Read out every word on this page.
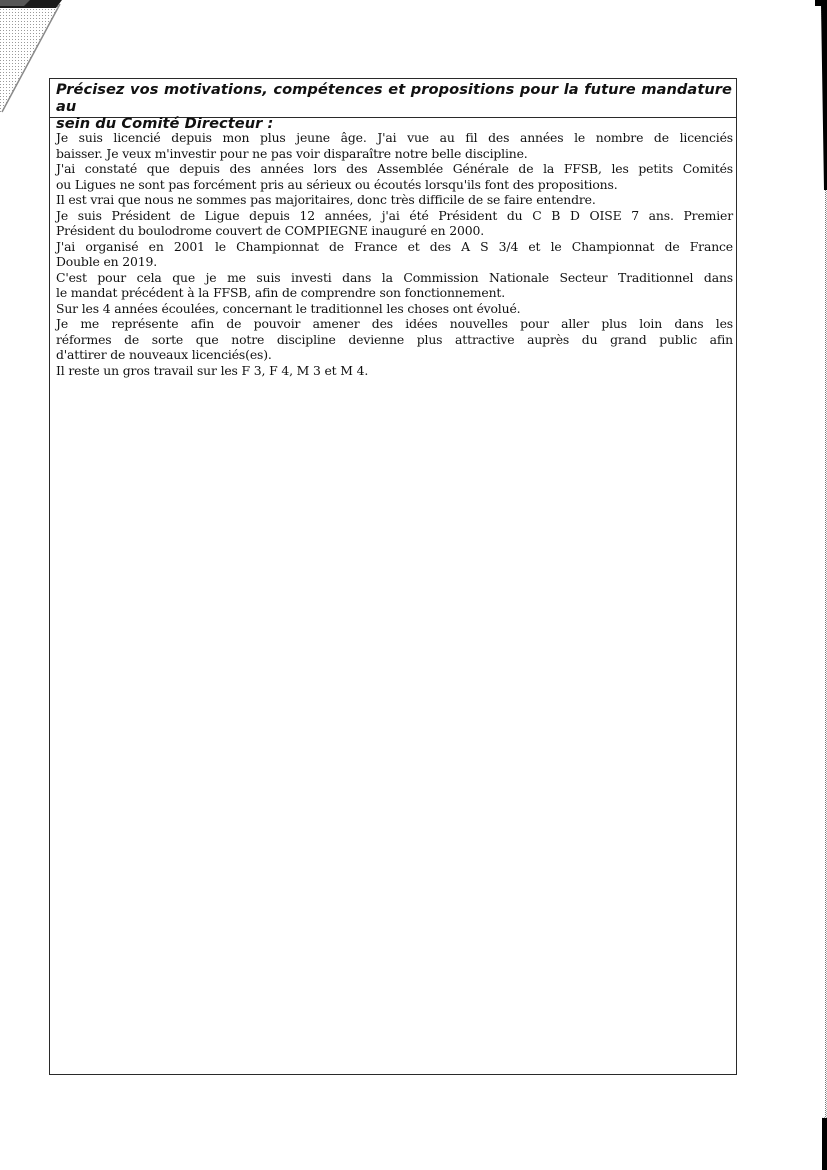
Précisez vos motivations, compétences et propositions pour la future mandature au
sein du Comité Directeur :

Je suis licencié depuis mon plus jeune âge. J'ai vue au fil des années le nombre de licenciés

baisser. Je veux m'investir pour ne pas voir disparaître notre belle discipline.

J'ai constaté que depuis des années lors des Assemblée Générale de la FFSB, les petits Comités

ou Ligues ne sont pas forcément pris au sérieux ou écoutés lorsqu'ils font des propositions.

Il est vrai que nous ne sommes pas majoritaires, donc très difficile de se faire entendre.

Je suis Président de Ligue depuis 12 années, j'ai été Président du C B D OISE 7 ans. Premier

Président du boulodrome couvert de COMPIEGNE inauguré en 2000.

J'ai organisé en 2001 le Championnat de France et des A S 3/4 et le Championnat de France

Double en 2019.

C'est pour cela que je me suis investi dans la Commission Nationale Secteur Traditionnel dans

le mandat précédent à la FFSB, afin de comprendre son fonctionnement.

Sur les 4 années écoulées, concernant le traditionnel les choses ont évolué.

Je me représente afin de pouvoir amener des idées nouvelles pour aller plus loin dans les

réformes de sorte que notre discipline devienne plus attractive auprès du grand public afin

d'attirer de nouveaux licenciés(es).

Il reste un gros travail sur les F 3, F 4, M 3 et M 4.
